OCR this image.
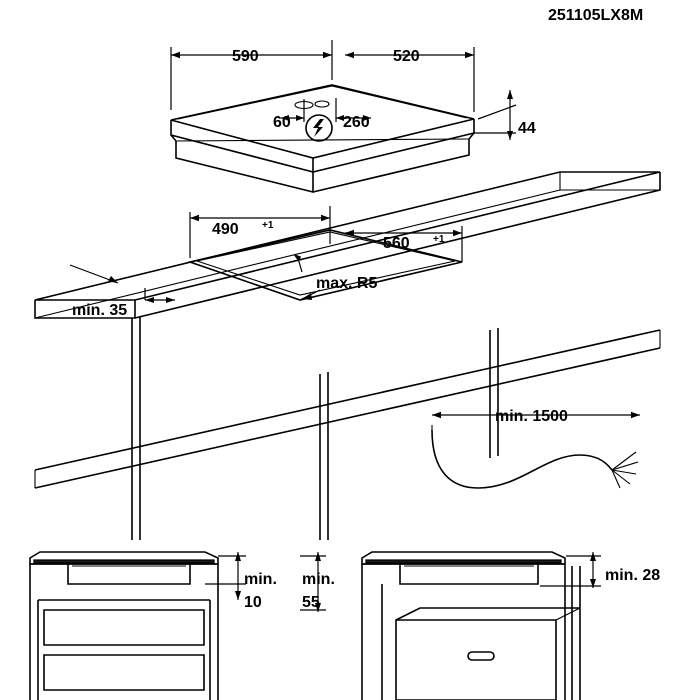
251105LX8M
590	520
60	260	44
490 +1
560 +1
max. R5
min. 35
min. 1500
min.
10
min.
55
min. 28
